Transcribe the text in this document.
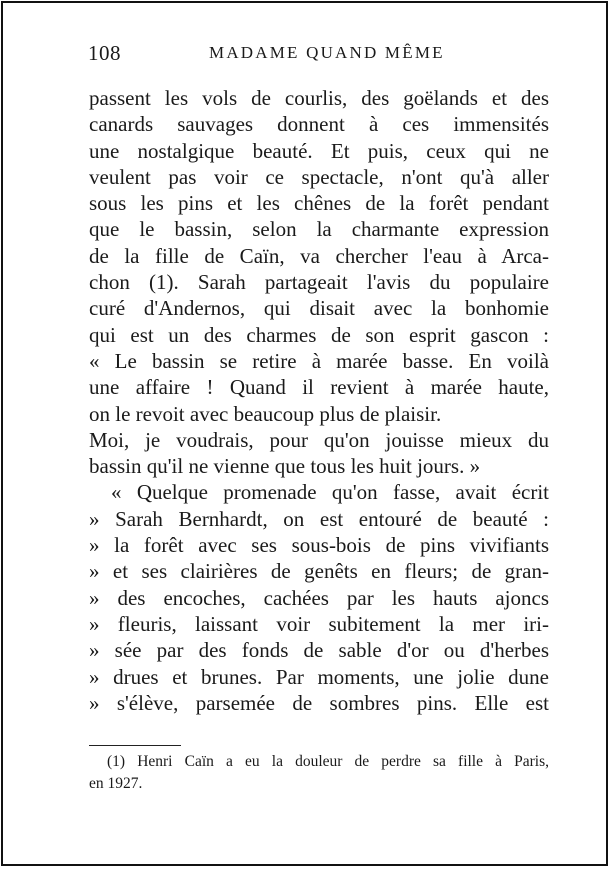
108	MADAME QUAND MÊME
passent les vols de courlis, des goëlands et des
canards sauvages donnent à ces immensités
une nostalgique beauté. Et puis, ceux qui ne
veulent pas voir ce spectacle, n'ont qu'à aller
sous les pins et les chênes de la forêt pendant
que le bassin, selon la charmante expression
de la fille de Caïn, va chercher l'eau à Arca-
chon (1). Sarah partageait l'avis du populaire
curé d'Andernos, qui disait avec la bonhomie
qui est un des charmes de son esprit gascon :
« Le bassin se retire à marée basse. En voilà
une affaire ! Quand il revient à marée haute,
on le revoit avec beaucoup plus de plaisir.
Moi, je voudrais, pour qu'on jouisse mieux du
bassin qu'il ne vienne que tous les huit jours. »
« Quelque promenade qu'on fasse, avait écrit
» Sarah Bernhardt, on est entouré de beauté :
» la forêt avec ses sous-bois de pins vivifiants
» et ses clairières de genêts en fleurs; de gran-
» des encoches, cachées par les hauts ajoncs
» fleuris, laissant voir subitement la mer iri-
» sée par des fonds de sable d'or ou d'herbes
» drues et brunes. Par moments, une jolie dune
» s'élève, parsemée de sombres pins. Elle est
(1) Henri Caïn a eu la douleur de perdre sa fille à Paris,
en 1927.
